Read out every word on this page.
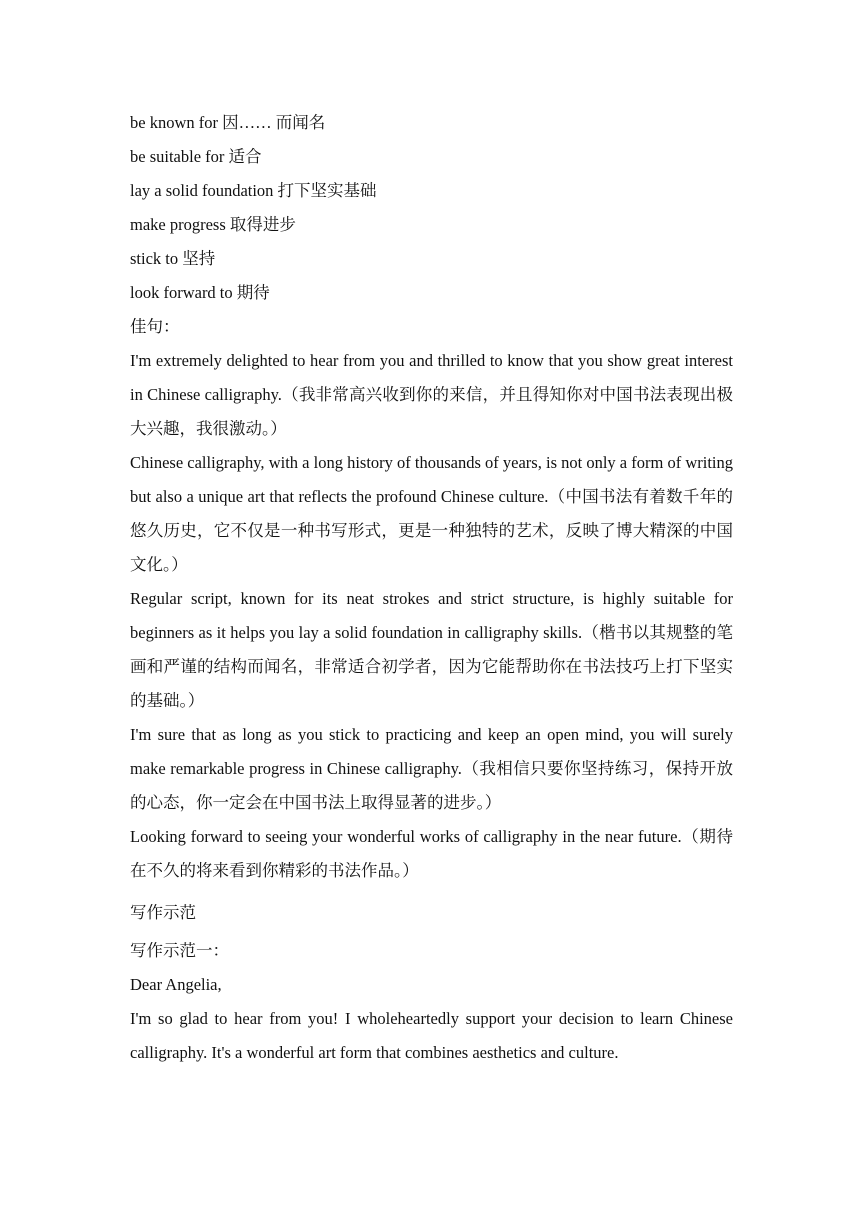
be known for 因…… 而闻名
be suitable for 适合
lay a solid foundation 打下坚实基础
make progress 取得进步
stick to 坚持
look forward to 期待
佳句：
I'm extremely delighted to hear from you and thrilled to know that you show great interest in Chinese calligraphy.（我非常高兴收到你的来信，并且得知你对中国书法表现出极大兴趣，我很激动。）
Chinese calligraphy, with a long history of thousands of years, is not only a form of writing but also a unique art that reflects the profound Chinese culture.（中国书法有着数千年的悠久历史，它不仅是一种书写形式，更是一种独特的艺术，反映了博大精深的中国文化。）
Regular script, known for its neat strokes and strict structure, is highly suitable for beginners as it helps you lay a solid foundation in calligraphy skills.（楷书以其规整的笔画和严谨的结构而闻名，非常适合初学者，因为它能帮助你在书法技巧上打下坚实的基础。）
I'm sure that as long as you stick to practicing and keep an open mind, you will surely make remarkable progress in Chinese calligraphy.（我相信只要你坚持练习，保持开放的心态，你一定会在中国书法上取得显著的进步。）
Looking forward to seeing your wonderful works of calligraphy in the near future.（期待在不久的将来看到你精彩的书法作品。）
写作示范
写作示范一：
Dear Angelia,
I'm so glad to hear from you! I wholeheartedly support your decision to learn Chinese calligraphy. It's a wonderful art form that combines aesthetics and culture.
